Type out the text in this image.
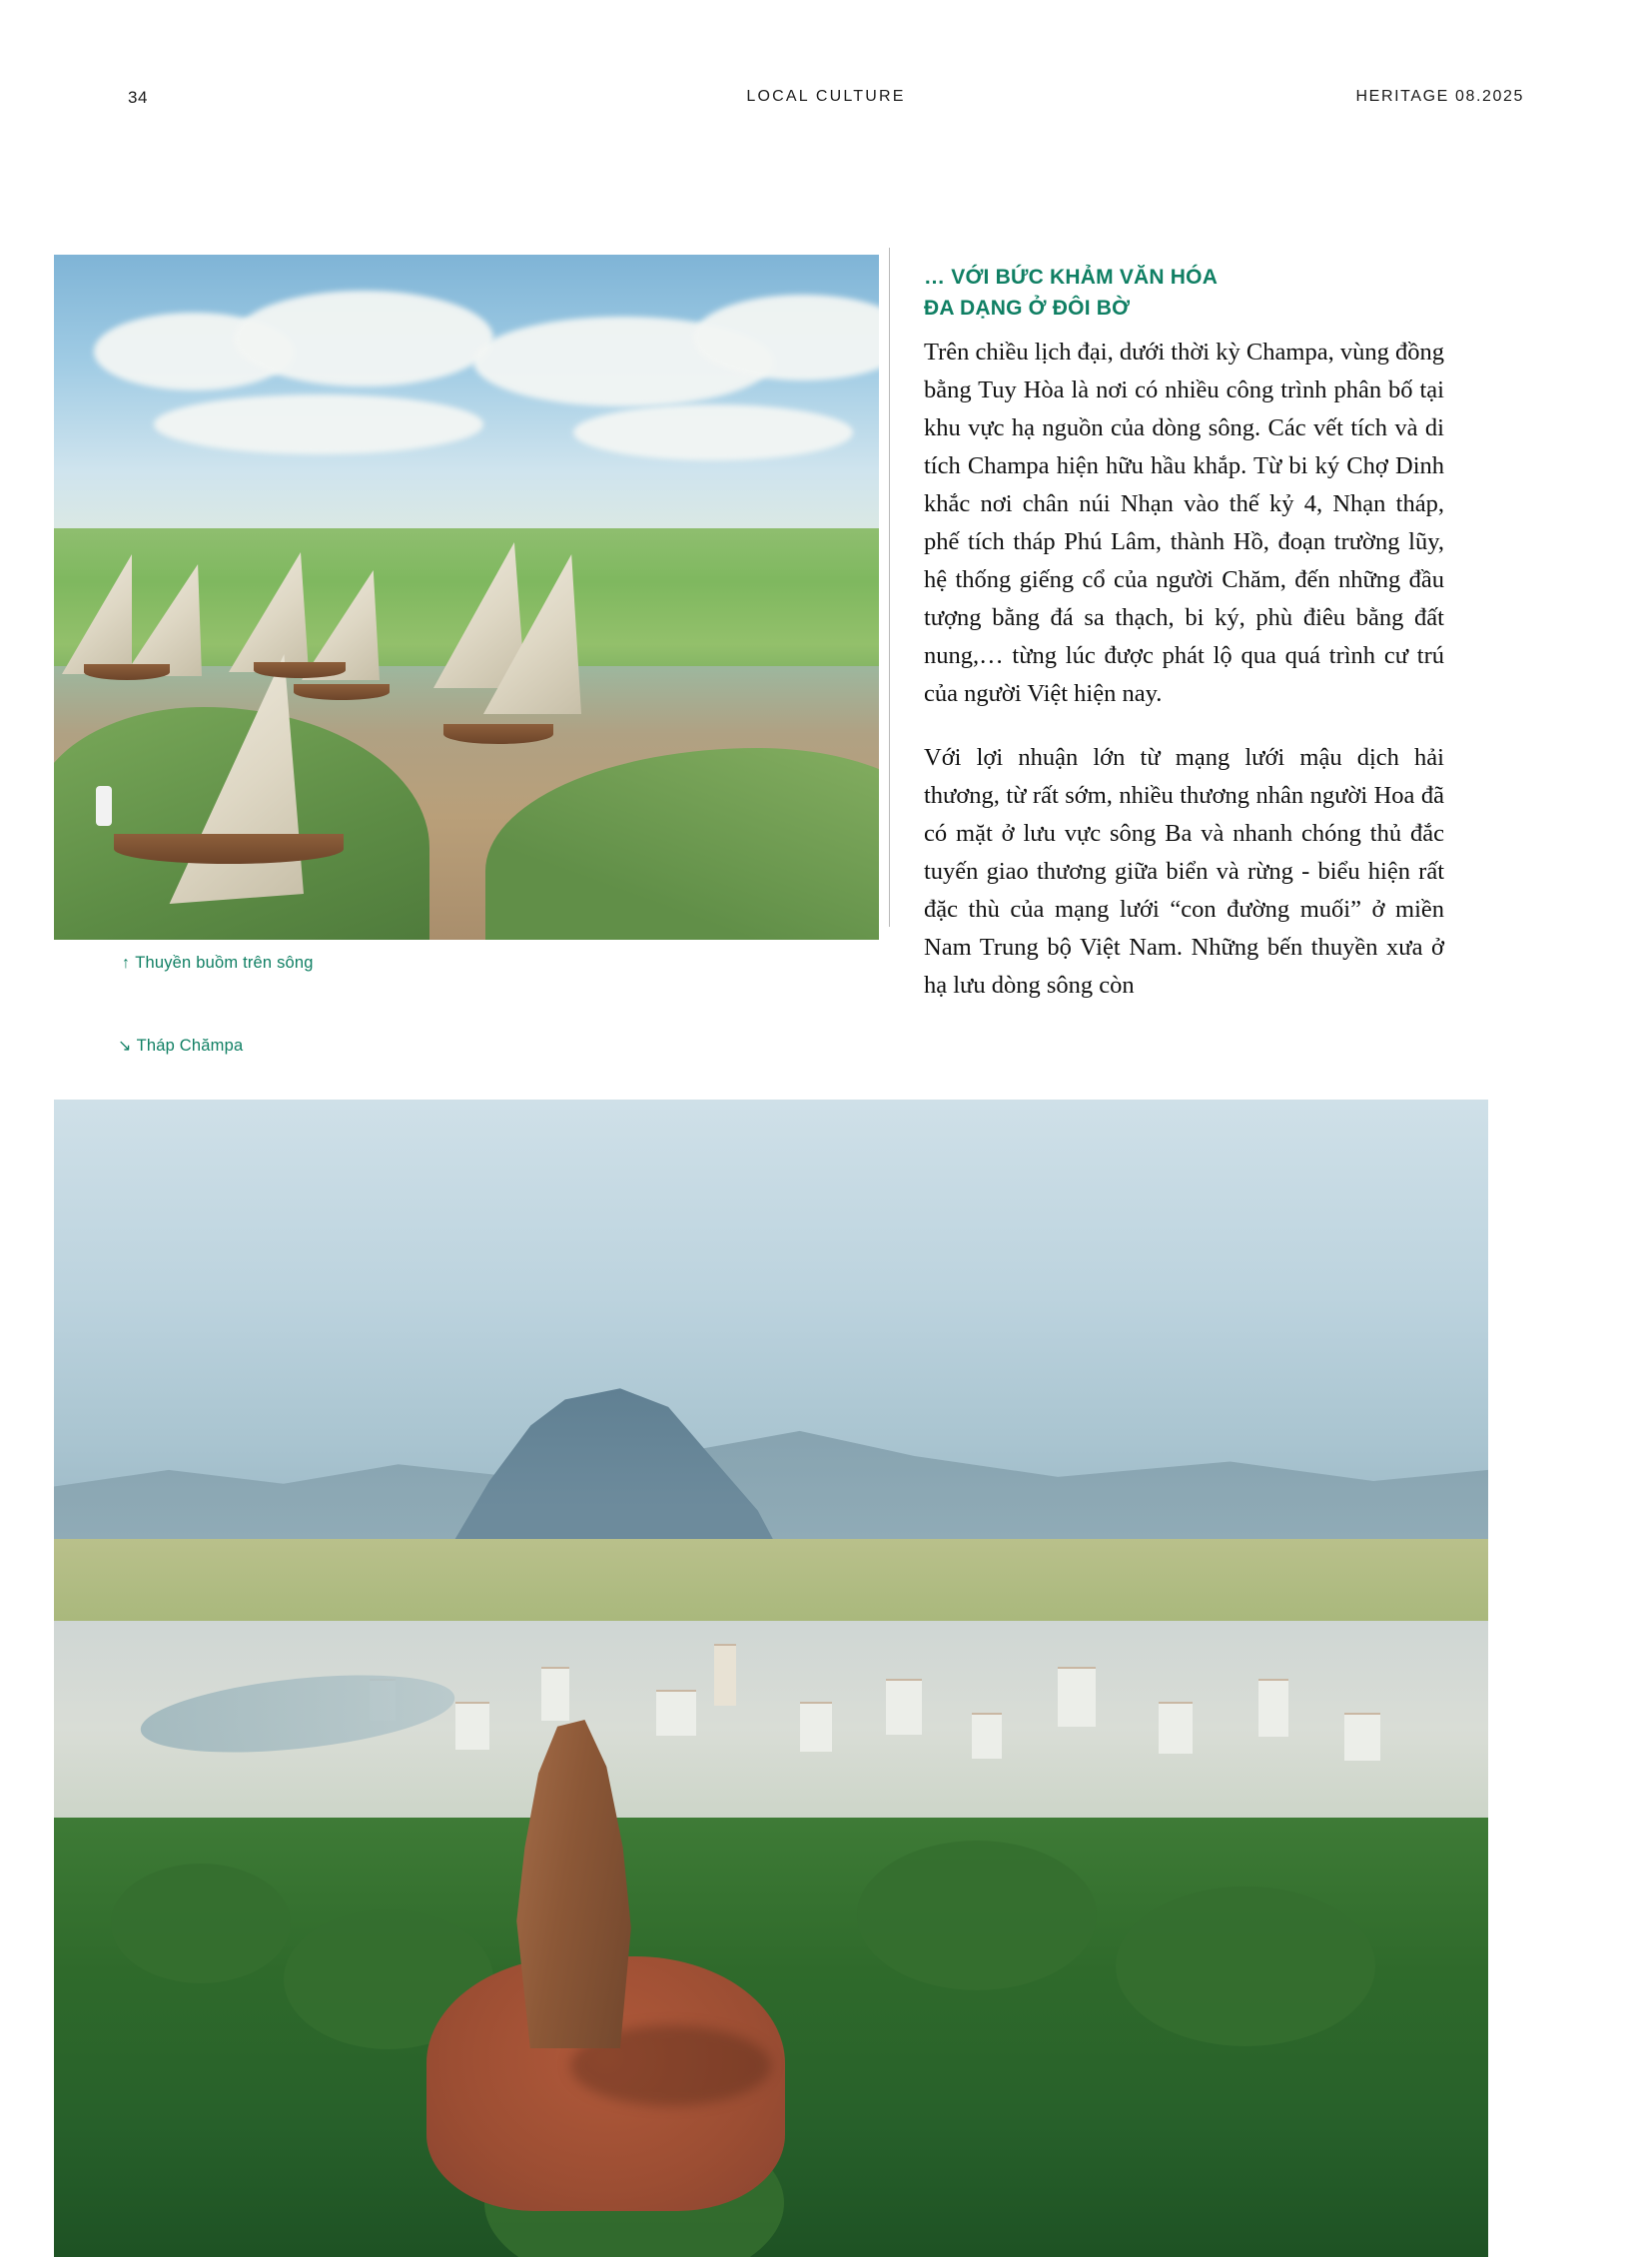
34	LOCAL CULTURE	HERITAGE 08.2025
… VỚI BỨC KHẢM VĂN HÓA
ĐA DẠNG Ở ĐÔI BỜ

Trên chiều lịch đại, dưới thời kỳ Champa, vùng đồng bằng Tuy Hòa là nơi có nhiều công trình phân bố tại khu vực hạ nguồn của dòng sông. Các vết tích và di tích Champa hiện hữu hầu khắp. Từ bi ký Chợ Dinh khắc nơi chân núi Nhạn vào thế kỷ 4, Nhạn tháp, phế tích tháp Phú Lâm, thành Hồ, đoạn trường lũy, hệ thống giếng cổ của người Chăm, đến những đầu tượng bằng đá sa thạch, bi ký, phù điêu bằng đất nung,… từng lúc được phát lộ qua quá trình cư trú của người Việt hiện nay.

Với lợi nhuận lớn từ mạng lưới mậu dịch hải thương, từ rất sớm, nhiều thương nhân người Hoa đã có mặt ở lưu vực sông Ba và nhanh chóng thủ đắc tuyến giao thương giữa biển và rừng - biểu hiện rất đặc thù của mạng lưới “con đường muối” ở miền Nam Trung bộ Việt Nam. Những bến thuyền xưa ở hạ lưu dòng sông còn

↑ Thuyền buồm trên sông
↘ Tháp Chămpa
